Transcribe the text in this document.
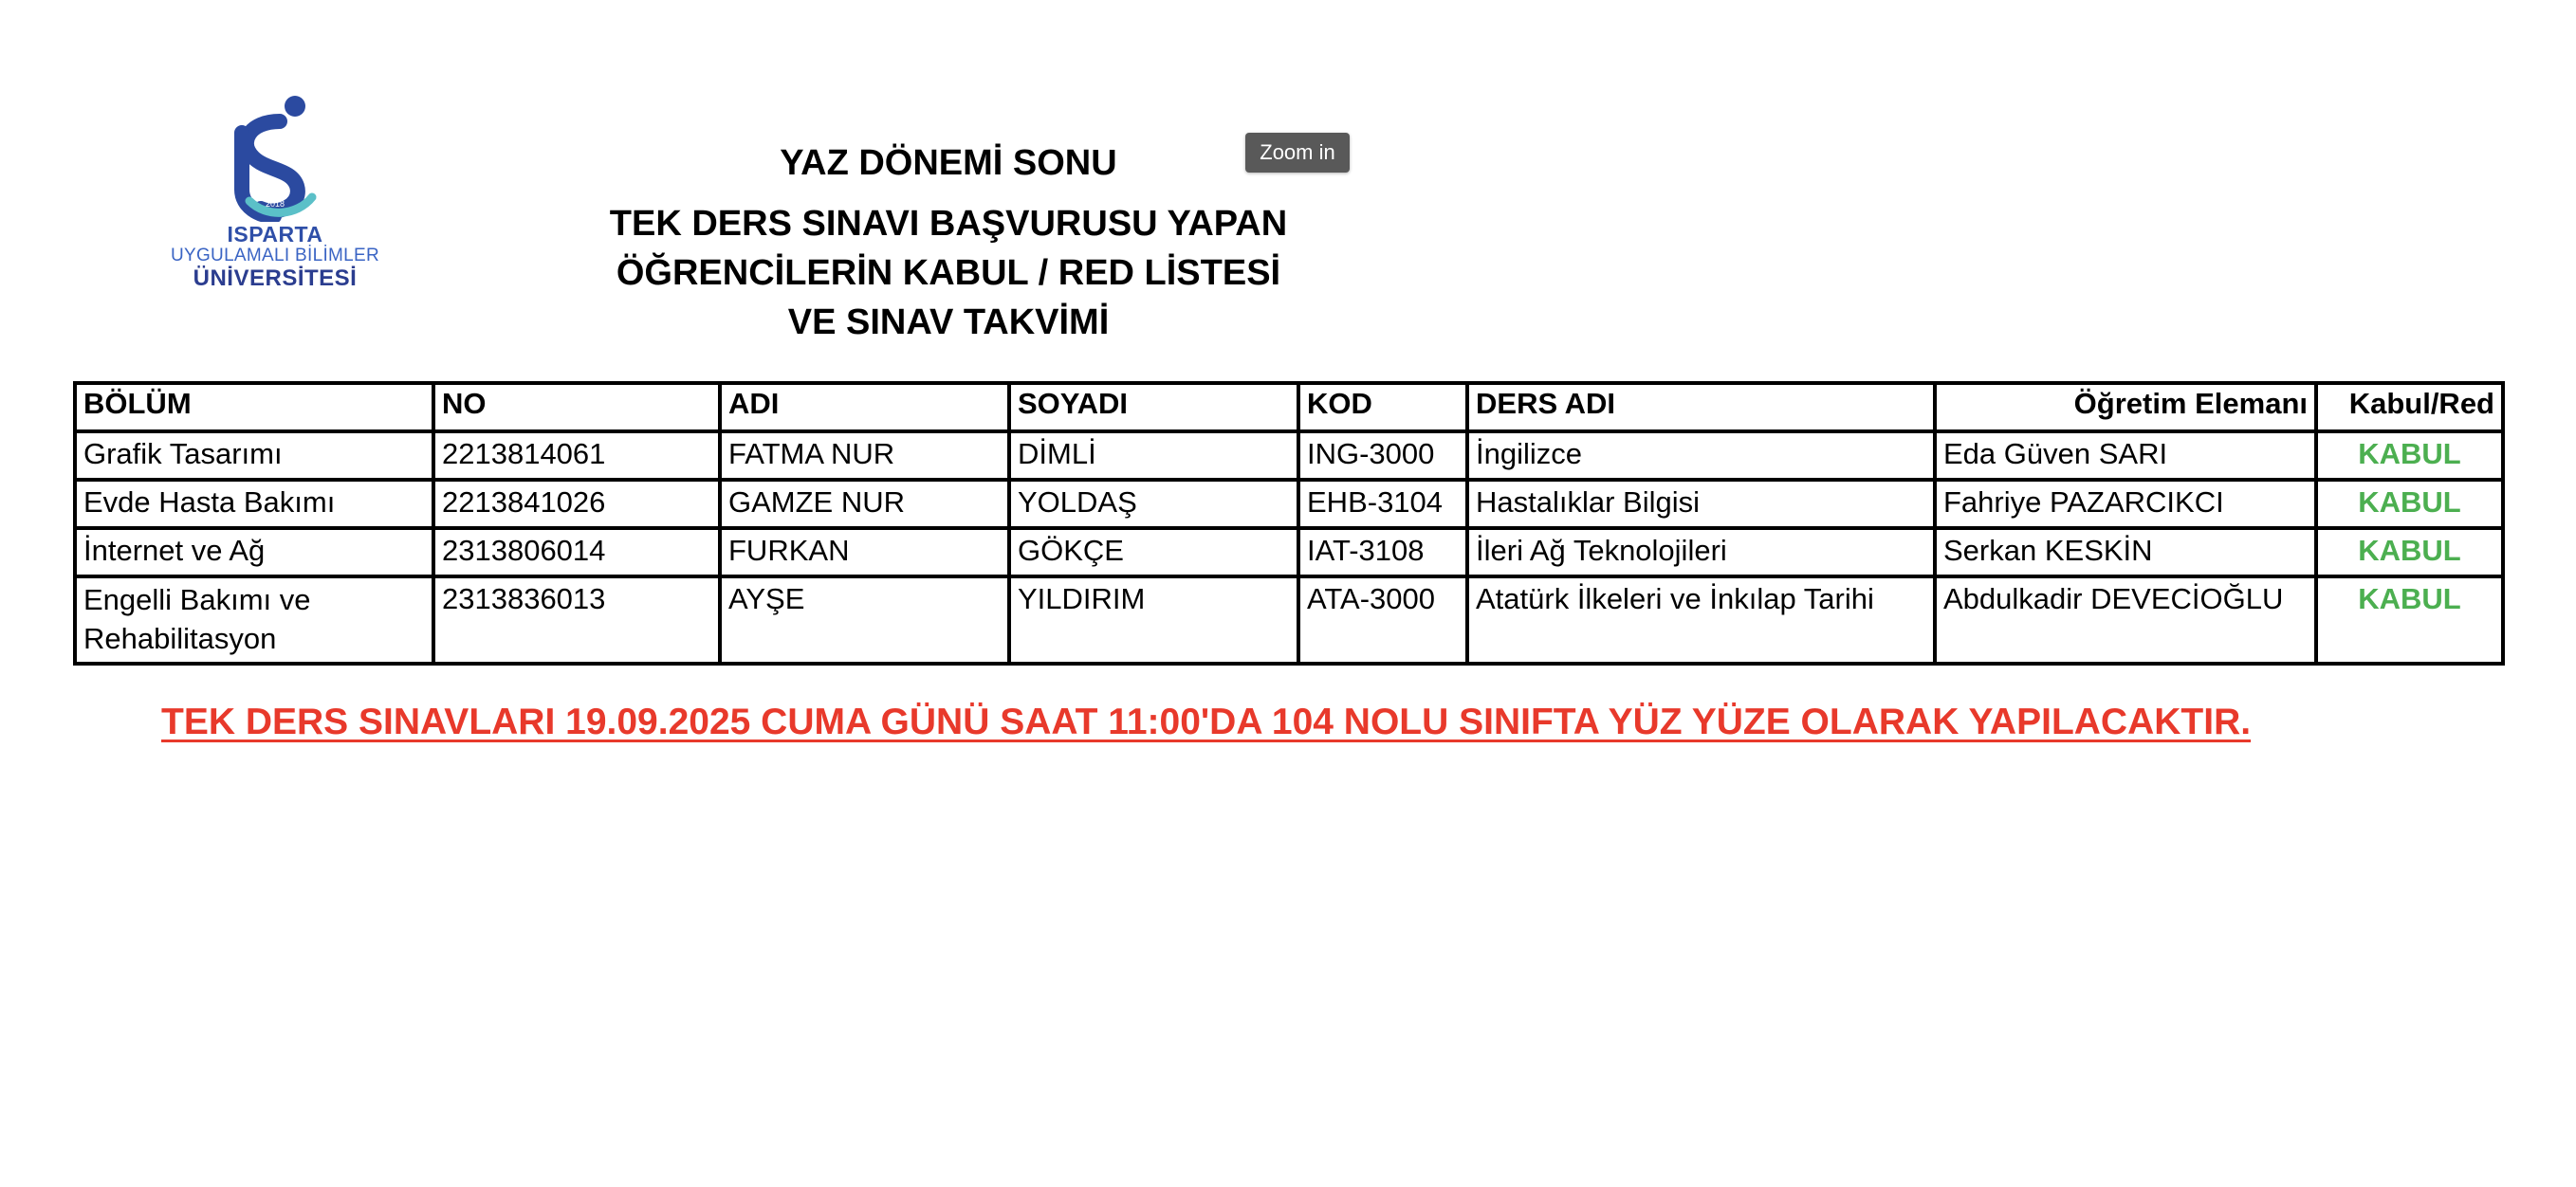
2018
ISPARTA
UYGULAMALI BİLİMLER
ÜNİVERSİTESİ
YAZ DÖNEMİ SONU
TEK DERS SINAVI BAŞVURUSU YAPAN
ÖĞRENCİLERİN KABUL / RED LİSTESİ
VE SINAV TAKVİMİ
Zoom in
BÖLÜM	NO	ADI	SOYADI	KOD	DERS ADI	Öğretim Elemanı	Kabul/Red
Grafik Tasarımı	2213814061	FATMA NUR	DİMLİ	ING-3000	İngilizce	Eda Güven SARI	KABUL
Evde Hasta Bakımı	2213841026	GAMZE NUR	YOLDAŞ	EHB-3104	Hastalıklar Bilgisi	Fahriye PAZARCIKCI	KABUL
İnternet ve Ağ	2313806014	FURKAN	GÖKÇE	IAT-3108	İleri Ağ Teknolojileri	Serkan KESKİN	KABUL
Engelli Bakımı ve Rehabilitasyon	2313836013	AYŞE	YILDIRIM	ATA-3000	Atatürk İlkeleri ve İnkılap Tarihi	Abdulkadir DEVECİOĞLU	KABUL
TEK DERS SINAVLARI 19.09.2025 CUMA GÜNÜ SAAT 11:00'DA 104 NOLU SINIFTA YÜZ YÜZE OLARAK YAPILACAKTIR.
